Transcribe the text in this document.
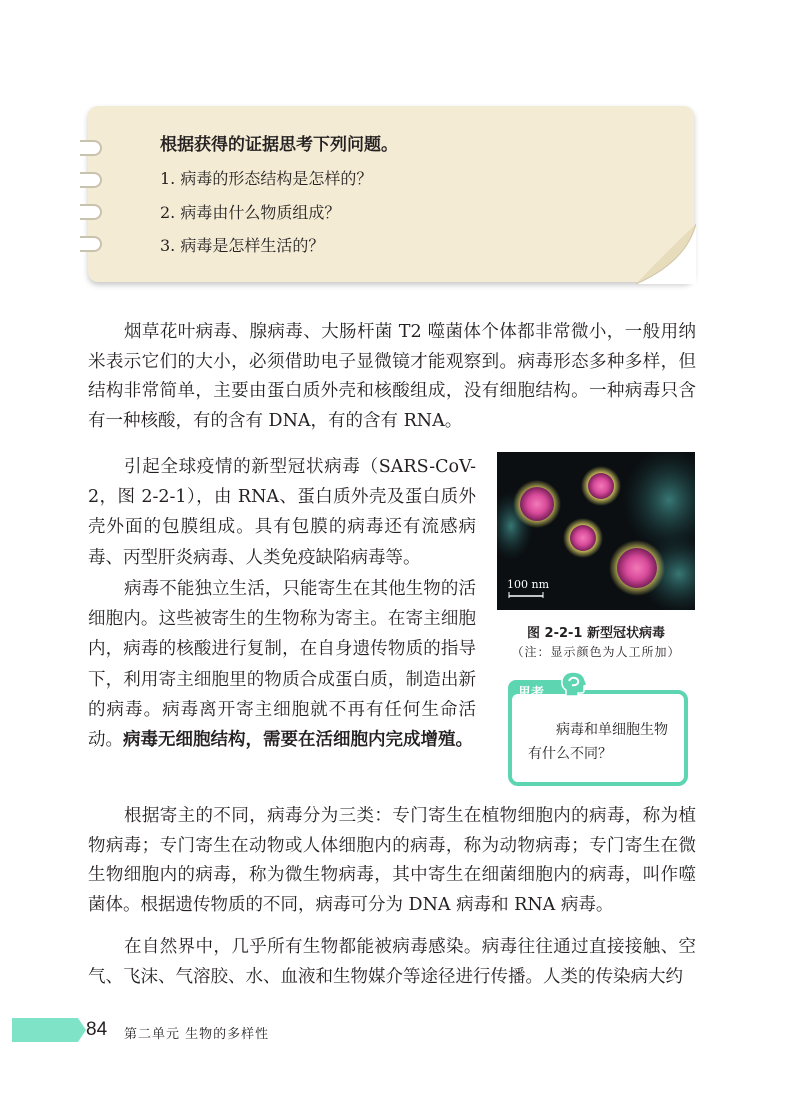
根据获得的证据思考下列问题。
1. 病毒的形态结构是怎样的？
2. 病毒由什么物质组成？
3. 病毒是怎样生活的？

烟草花叶病毒、腺病毒、大肠杆菌 T2 噬菌体个体都非常微小，一般用纳米表示它们的大小，必须借助电子显微镜才能观察到。病毒形态多种多样，但结构非常简单，主要由蛋白质外壳和核酸组成，没有细胞结构。一种病毒只含有一种核酸，有的含有 DNA，有的含有 RNA。

引起全球疫情的新型冠状病毒（SARS-CoV-2，图 2-2-1），由 RNA、蛋白质外壳及蛋白质外壳外面的包膜组成。具有包膜的病毒还有流感病毒、丙型肝炎病毒、人类免疫缺陷病毒等。

病毒不能独立生活，只能寄生在其他生物的活细胞内。这些被寄生的生物称为寄主。在寄主细胞内，病毒的核酸进行复制，在自身遗传物质的指导下，利用寄主细胞里的物质合成蛋白质，制造出新的病毒。病毒离开寄主细胞就不再有任何生命活动。病毒无细胞结构，需要在活细胞内完成增殖。

100 nm
图 2-2-1 新型冠状病毒
（注：显示颜色为人工所加）
思考

病毒和单细胞生物有什么不同？

根据寄主的不同，病毒分为三类：专门寄生在植物细胞内的病毒，称为植物病毒；专门寄生在动物或人体细胞内的病毒，称为动物病毒；专门寄生在微生物细胞内的病毒，称为微生物病毒，其中寄生在细菌细胞内的病毒，叫作噬菌体。根据遗传物质的不同，病毒可分为 DNA 病毒和 RNA 病毒。

在自然界中，几乎所有生物都能被病毒感染。病毒往往通过直接接触、空气、飞沫、气溶胶、水、血液和生物媒介等途径进行传播。人类的传染病大约

84 第二单元 生物的多样性
